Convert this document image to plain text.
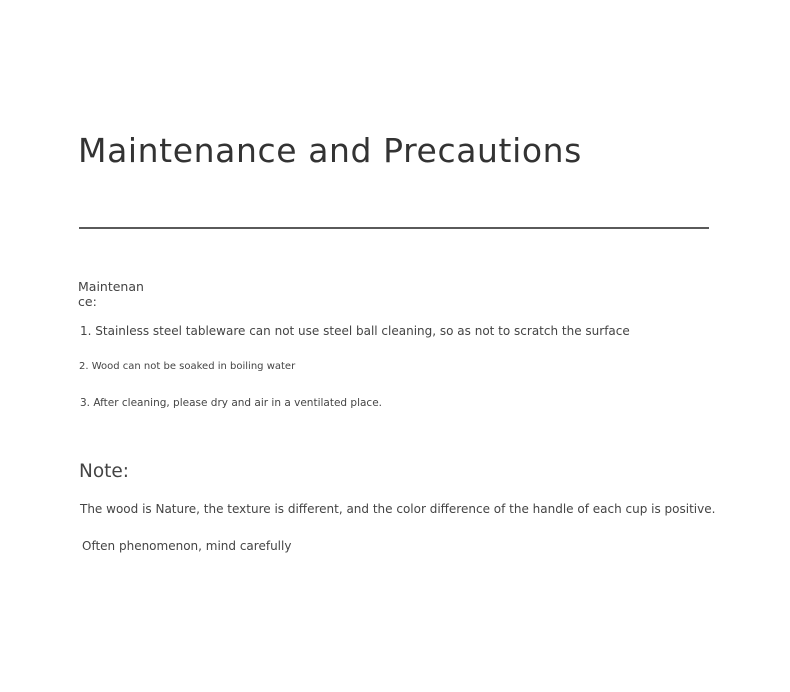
Maintenance and Precautions
Maintenance:
1. Stainless steel tableware can not use steel ball cleaning, so as not to scratch the surface
2. Wood can not be soaked in boiling water
3. After cleaning, please dry and air in a ventilated place.
Note:
The wood is Nature, the texture is different, and the color difference of the handle of each cup is positive.
Often phenomenon, mind carefully
